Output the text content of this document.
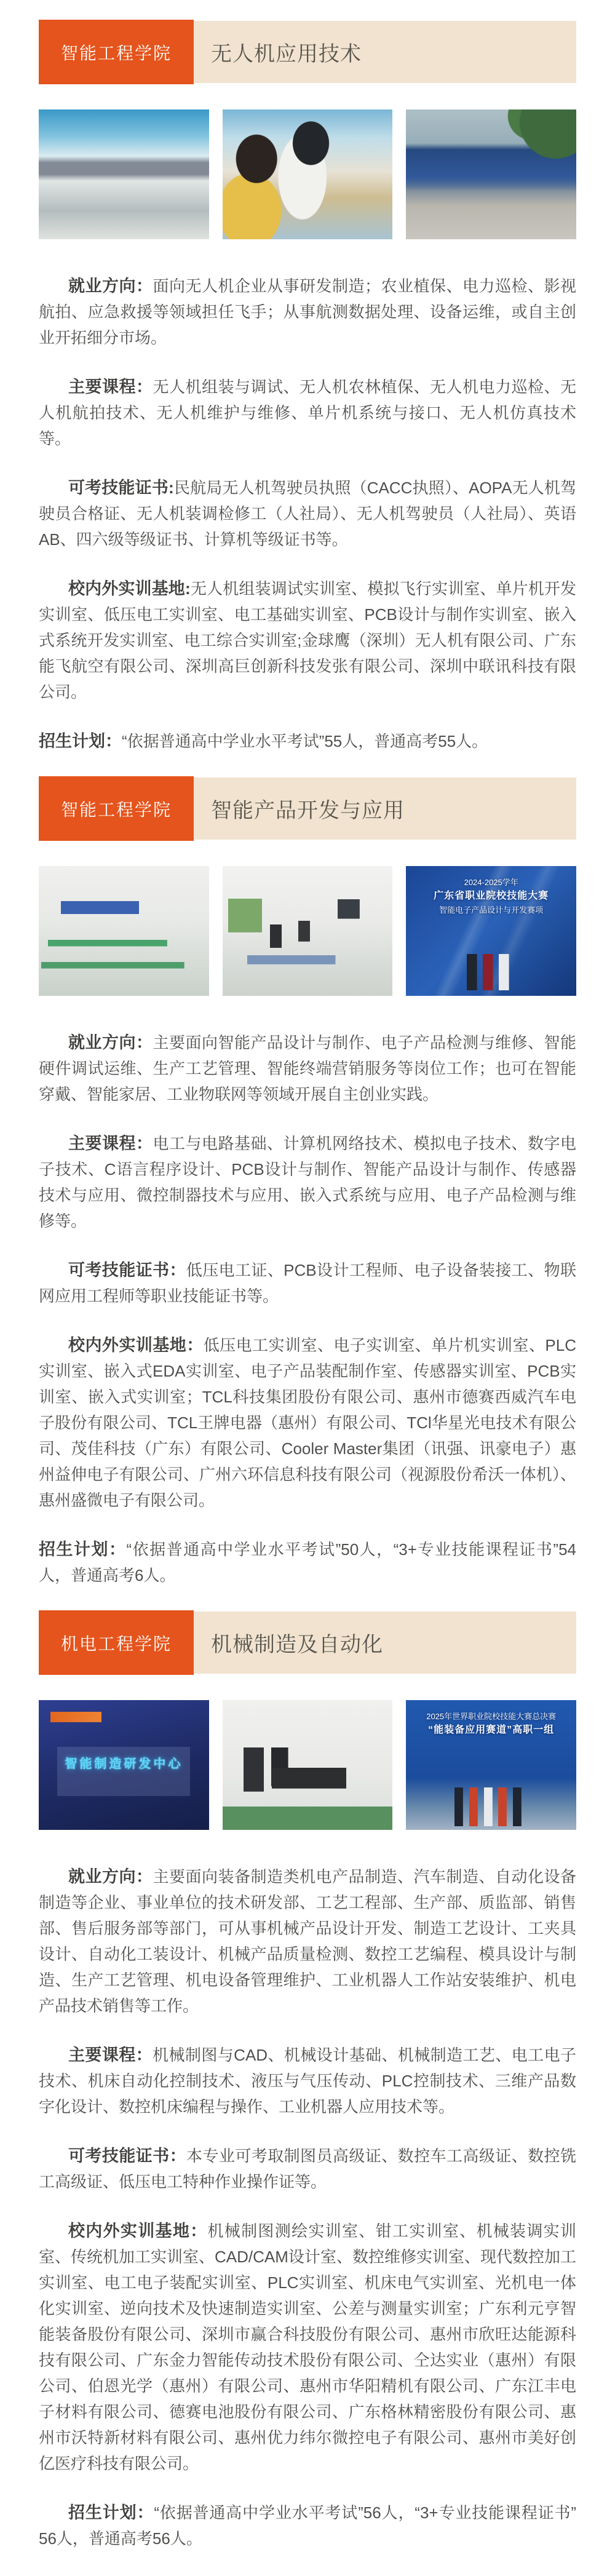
智能工程学院	无人机应用技术

就业方向：面向无人机企业从事研发制造；农业植保、电力巡检、影视航拍、应急救援等领域担任飞手；从事航测数据处理、设备运维，或自主创业开拓细分市场。

主要课程：无人机组装与调试、无人机农林植保、无人机电力巡检、无人机航拍技术、无人机维护与维修、单片机系统与接口、无人机仿真技术等。

可考技能证书:民航局无人机驾驶员执照（CACC执照）、AOPA无人机驾驶员合格证、无人机装调检修工（人社局）、无人机驾驶员（人社局）、英语AB、四六级等级证书、计算机等级证书等。

校内外实训基地:无人机组装调试实训室、模拟飞行实训室、单片机开发实训室、低压电工实训室、电工基础实训室、PCB设计与制作实训室、嵌入式系统开发实训室、电工综合实训室;金球鹰（深圳）无人机有限公司、广东能飞航空有限公司、深圳高巨创新科技发张有限公司、深圳中联讯科技有限公司。

招生计划：“依据普通高中学业水平考试”55人，普通高考55人。

智能工程学院	智能产品开发与应用
2024-2025学年
广东省职业院校技能大赛
智能电子产品设计与开发赛项

就业方向：主要面向智能产品设计与制作、电子产品检测与维修、智能硬件调试运维、生产工艺管理、智能终端营销服务等岗位工作；也可在智能穿戴、智能家居、工业物联网等领域开展自主创业实践。

主要课程：电工与电路基础、计算机网络技术、模拟电子技术、数字电子技术、C语言程序设计、PCB设计与制作、智能产品设计与制作、传感器技术与应用、微控制器技术与应用、嵌入式系统与应用、电子产品检测与维修等。

可考技能证书：低压电工证、PCB设计工程师、电子设备装接工、物联网应用工程师等职业技能证书等。

校内外实训基地：低压电工实训室、电子实训室、单片机实训室、PLC实训室、嵌入式EDA实训室、电子产品装配制作室、传感器实训室、PCB实训室、嵌入式实训室；TCL科技集团股份有限公司、惠州市德赛西威汽车电子股份有限公司、TCL王牌电器（惠州）有限公司、TCl华星光电技术有限公司、茂佳科技（广东）有限公司、Cooler Master集团（讯强、讯豪电子）惠州益伸电子有限公司、广州六环信息科技有限公司（视源股份希沃一体机）、惠州盛微电子有限公司。

招生计划：“依据普通高中学业水平考试”50人，“3+专业技能课程证书”54人，普通高考6人。

机电工程学院	机械制造及自动化
智能制造研发中心
2025年世界职业院校技能大赛总决赛
“能装备应用赛道”高职一组

就业方向：主要面向装备制造类机电产品制造、汽车制造、自动化设备制造等企业、事业单位的技术研发部、工艺工程部、生产部、质监部、销售部、售后服务部等部门，可从事机械产品设计开发、制造工艺设计、工夹具设计、自动化工装设计、机械产品质量检测、数控工艺编程、模具设计与制造、生产工艺管理、机电设备管理维护、工业机器人工作站安装维护、机电产品技术销售等工作。

主要课程：机械制图与CAD、机械设计基础、机械制造工艺、电工电子技术、机床自动化控制技术、液压与气压传动、PLC控制技术、三维产品数字化设计、数控机床编程与操作、工业机器人应用技术等。

可考技能证书：本专业可考取制图员高级证、数控车工高级证、数控铣工高级证、低压电工特种作业操作证等。

校内外实训基地：机械制图测绘实训室、钳工实训室、机械装调实训室、传统机加工实训室、CAD/CAM设计室、数控维修实训室、现代数控加工实训室、电工电子装配实训室、PLC实训室、机床电气实训室、光机电一体化实训室、逆向技术及快速制造实训室、公差与测量实训室；广东利元亨智能装备股份有限公司、深圳市赢合科技股份有限公司、惠州市欣旺达能源科技有限公司、广东金力智能传动技术股份有限公司、仝达实业（惠州）有限公司、伯恩光学（惠州）有限公司、惠州市华阳精机有限公司、广东江丰电子材料有限公司、德赛电池股份有限公司、广东格林精密股份有限公司、惠州市沃特新材料有限公司、惠州优力纬尔微控电子有限公司、惠州市美好创亿医疗科技有限公司。

招生计划：“依据普通高中学业水平考试”56人，“3+专业技能课程证书”56人，普通高考56人。
